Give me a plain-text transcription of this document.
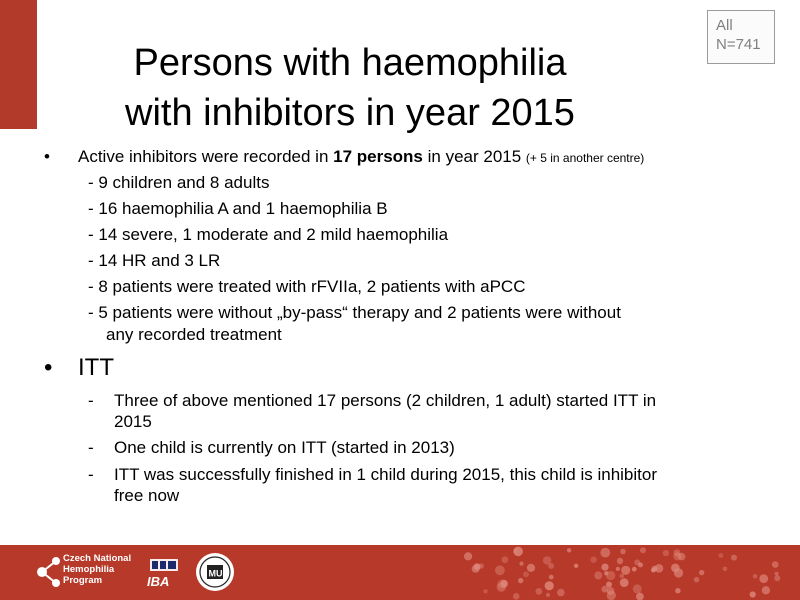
All
N=741
Persons with haemophilia
with inhibitors in year 2015
• Active inhibitors were recorded in 17 persons in year 2015 (+ 5 in another centre)
- 9 children and 8 adults
- 16 haemophilia A and 1 haemophilia B
- 14 severe, 1 moderate and 2 mild haemophilia
- 14 HR and 3 LR
- 8 patients were treated with rFVIIa, 2 patients with aPCC
- 5 patients were without „by-pass“ therapy and 2 patients were without
any recorded treatment
• ITT
- Three of above mentioned 17 persons (2 children, 1 adult) started ITT in
2015
- One child is currently on ITT (started in 2013)
- ITT was successfully finished in 1 child during 2015, this child is inhibitor
free now
Czech National
Hemophilia
Program	IBA
MU
